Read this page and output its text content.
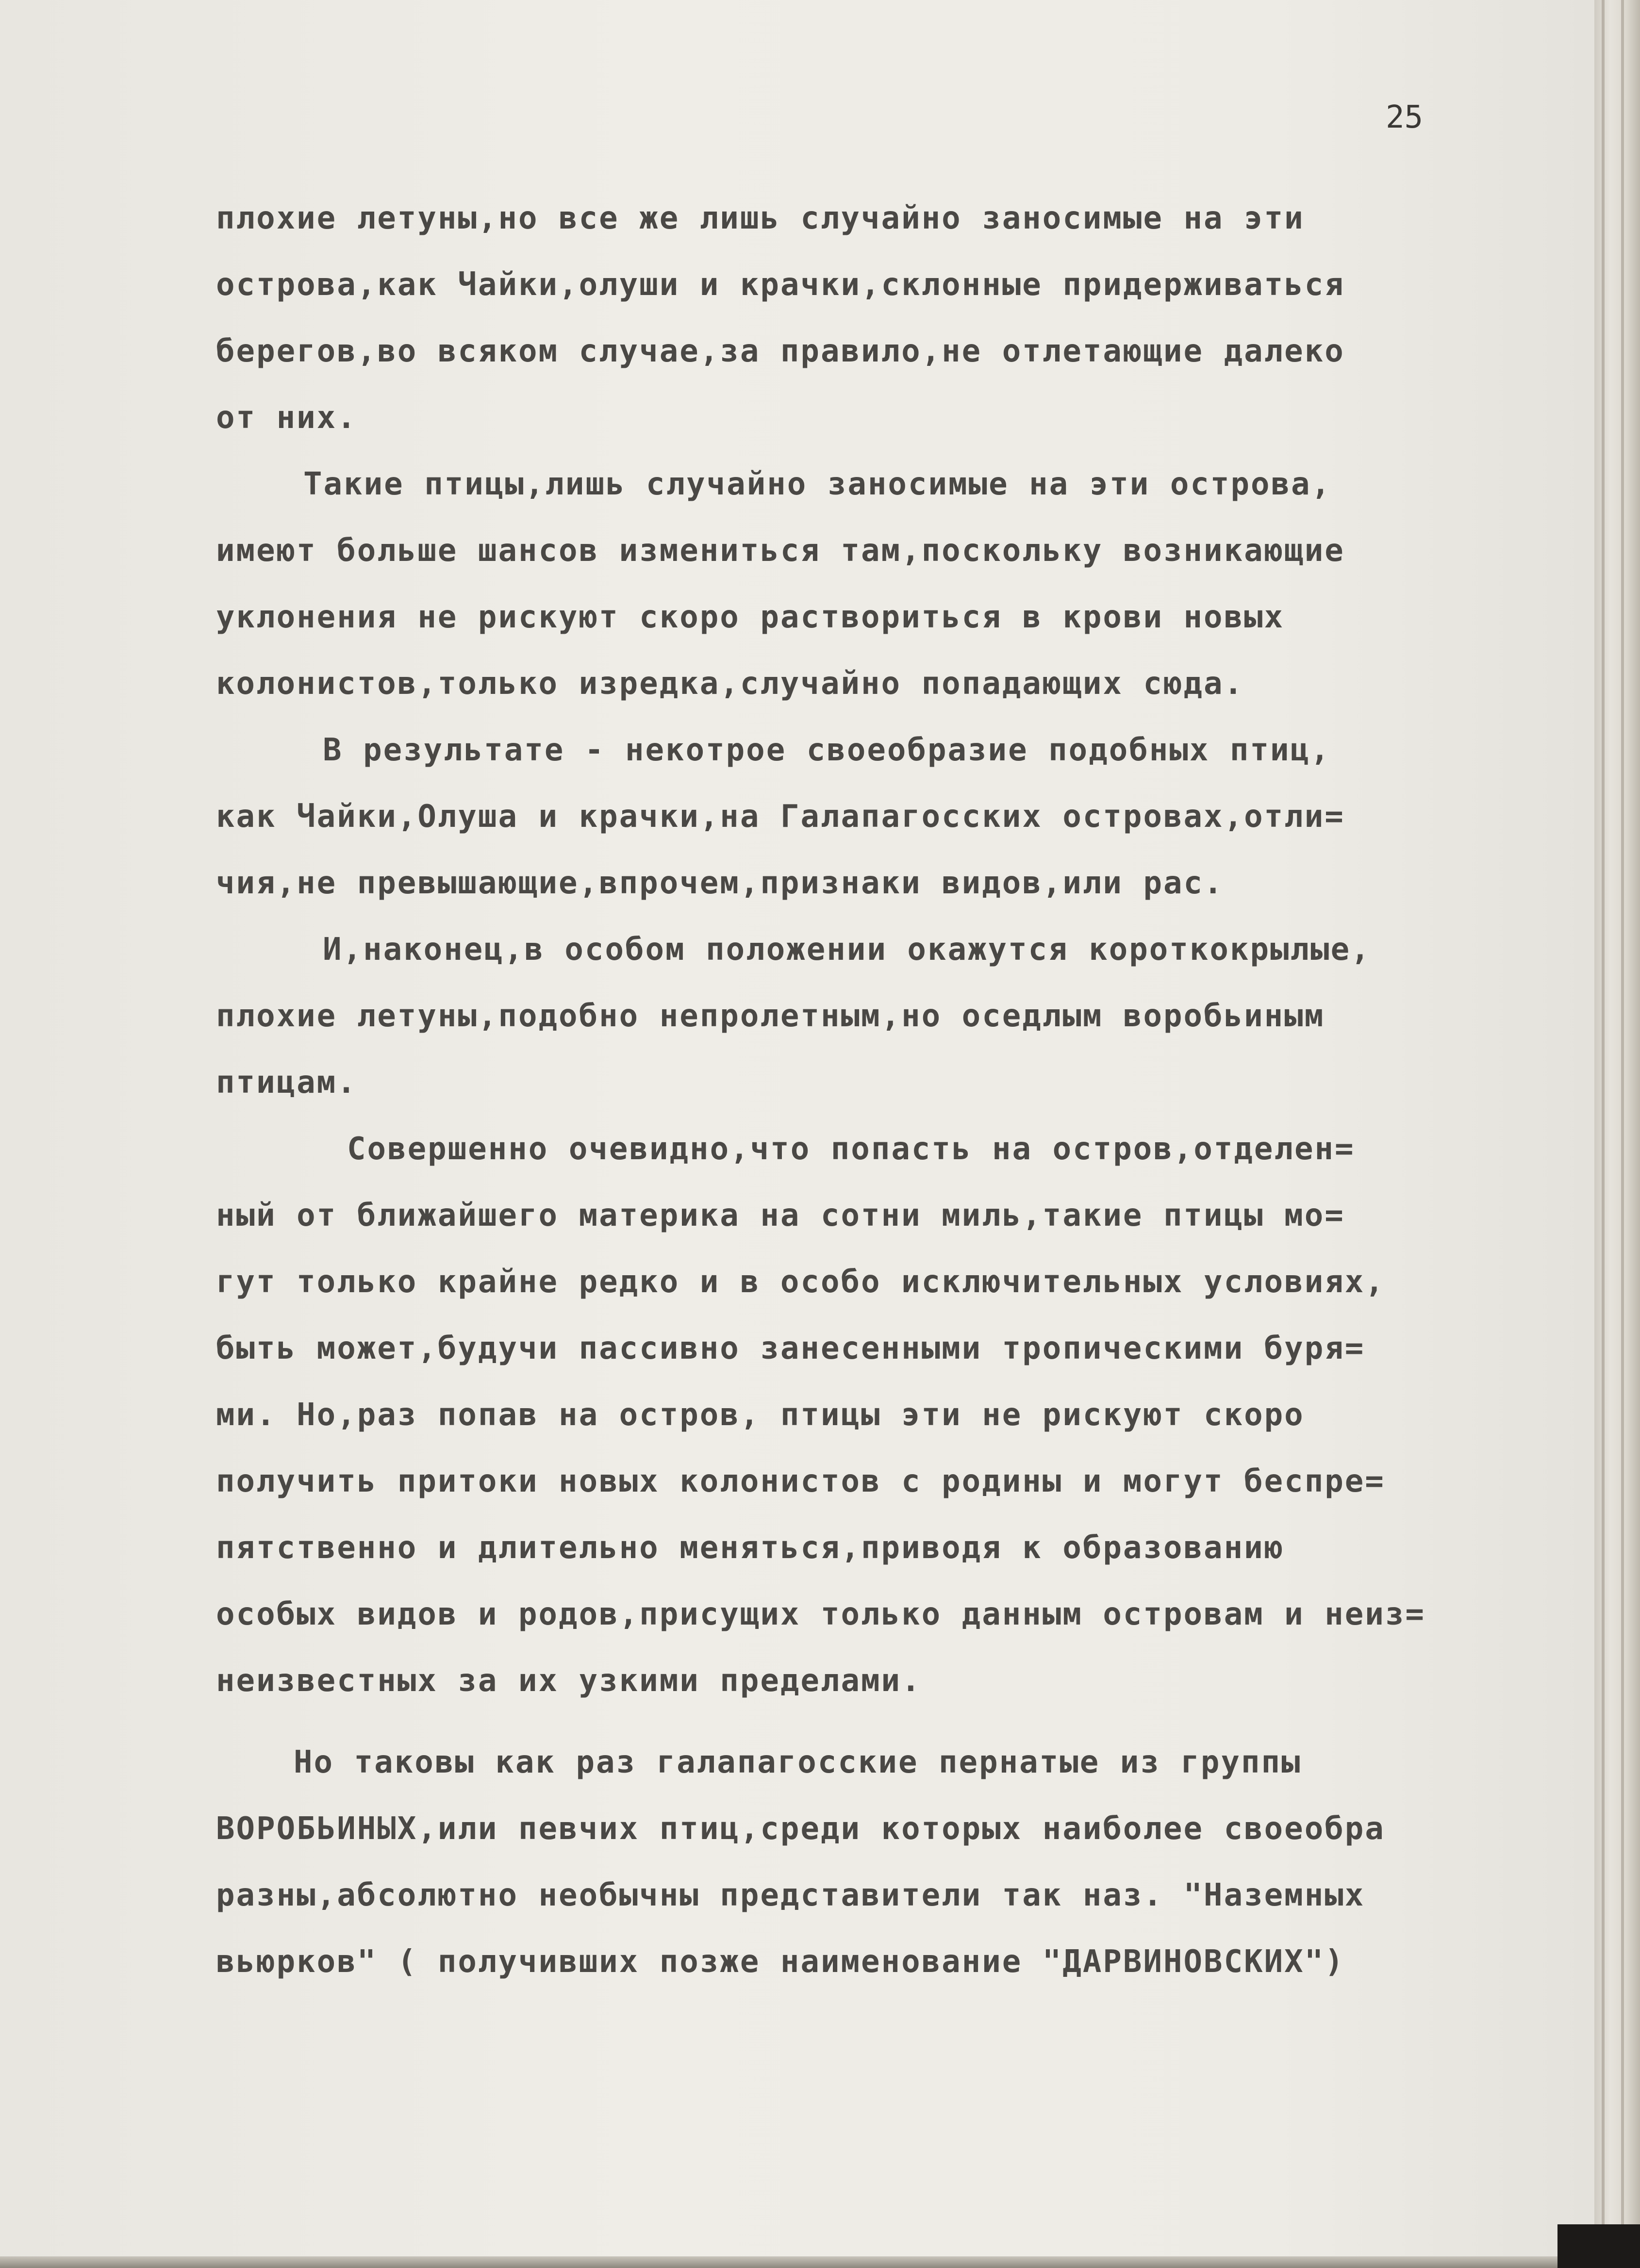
25
плохие летуны,но все же лишь случайно заносимые на эти
острова,как Чайки,олуши и крачки,склонные придерживаться
берегов,во всяком случае,за правило,не отлетающие далеко
от них.
Такие птицы,лишь случайно заносимые на эти острова,
имеют больше шансов измениться там,поскольку возникающие
уклонения не рискуют скоро раствориться в крови новых
колонистов,только изредка,случайно попадающих сюда.
В результате - некотрое своеобразие подобных птиц,
как Чайки,Олуша и крачки,на Галапагосских островах,отли=
чия,не превышающие,впрочем,признаки видов,или рас.
И,наконец,в особом положении окажутся короткокрылые,
плохие летуны,подобно непролетным,но оседлым воробьиным
птицам.
Совершенно очевидно,что попасть на остров,отделен=
ный от ближайшего материка на сотни миль,такие птицы мо=
гут только крайне редко и в особо исключительных условиях,
быть может,будучи пассивно занесенными тропическими буря=
ми. Но,раз попав на остров, птицы эти не рискуют скоро
получить притоки новых колонистов с родины и могут беспре=
пятственно и длительно меняться,приводя к образованию
особых видов и родов,присущих только данным островам и неиз=
неизвестных за их узкими пределами.
Но таковы как раз галапагосские пернатые из группы
ВОРОБЬИНЫХ,или певчих птиц,среди которых наиболее своеобра
разны,абсолютно необычны представители так наз. "Наземных
вьюрков" ( получивших позже наименование "ДАРВИНОВСКИХ")
